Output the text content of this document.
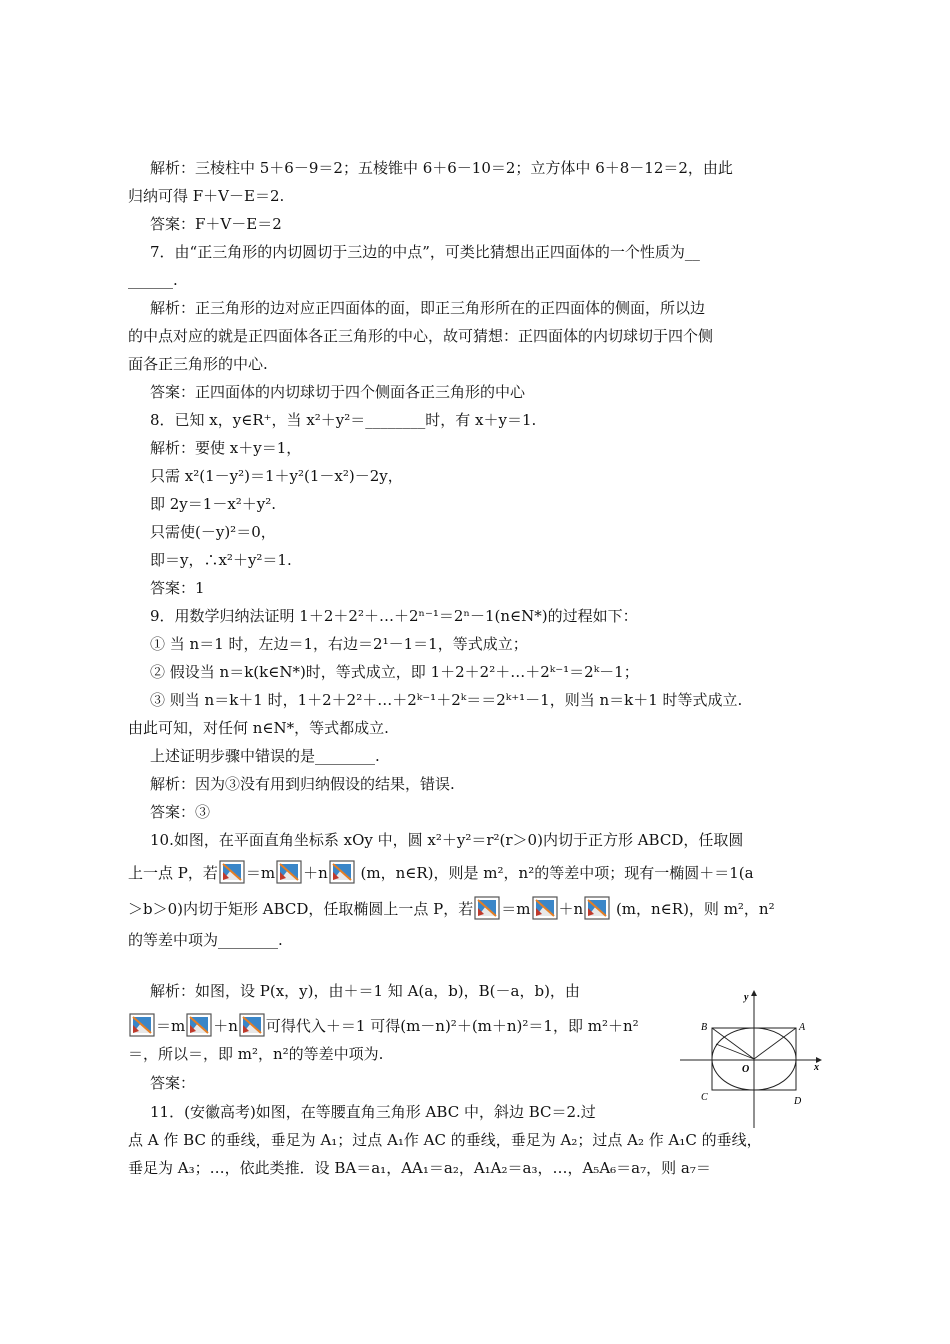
解析：三棱柱中 5＋6－9＝2；五棱锥中 6＋6－10＝2；立方体中 6＋8－12＝2，由此
归纳可得 F＋V－E＝2.
答案：F＋V－E＝2
7．由“正三角形的内切圆切于三边的中点”，可类比猜想出正四面体的一个性质为__
______.
解析：正三角形的边对应正四面体的面，即正三角形所在的正四面体的侧面，所以边
的中点对应的就是正四面体各正三角形的中心，故可猜想：正四面体的内切球切于四个侧
面各正三角形的中心.
答案：正四面体的内切球切于四个侧面各正三角形的中心
8．已知 x，y∈R⁺，当 x²＋y²＝________时，有 x＋y＝1.
解析：要使 x＋y＝1，
只需 x²(1－y²)＝1＋y²(1－x²)－2y，
即 2y＝1－x²＋y².
只需使(－y)²＝0，
即＝y，∴x²＋y²＝1.
答案：1
9．用数学归纳法证明 1＋2＋2²＋…＋2ⁿ⁻¹＝2ⁿ－1(n∈N*)的过程如下：
① 当 n＝1 时，左边＝1，右边＝2¹－1＝1，等式成立；
② 假设当 n＝k(k∈N*)时，等式成立，即 1＋2＋2²＋…＋2ᵏ⁻¹＝2ᵏ－1；
③ 则当 n＝k＋1 时，1＋2＋2²＋…＋2ᵏ⁻¹＋2ᵏ＝＝2ᵏ⁺¹－1，则当 n＝k＋1 时等式成立.
由此可知，对任何 n∈N*，等式都成立.
上述证明步骤中错误的是________.
解析：因为③没有用到归纳假设的结果，错误.
答案：③
10.如图，在平面直角坐标系 xOy 中，圆 x²＋y²＝r²(r＞0)内切于正方形 ABCD，任取圆
上一点 P，若 ＝m ＋n (m，n∈R)，则是 m²，n²的等差中项；现有一椭圆＋＝1(a
＞b＞0)内切于矩形 ABCD，任取椭圆上一点 P，若 ＝m ＋n (m，n∈R)，则 m²，n²
的等差中项为________.
解析：如图，设 P(x，y)，由＋＝1 知 A(a，b)，B(－a，b)，由
＝m ＋n 可得代入＋＝1 可得(m－n)²＋(m＋n)²＝1，即 m²＋n²
＝，所以＝，即 m²，n²的等差中项为.
答案：
11．(安徽高考)如图，在等腰直角三角形 ABC 中，斜边 BC＝2.过
点 A 作 BC 的垂线，垂足为 A₁；过点 A₁作 AC 的垂线，垂足为 A₂；过点 A₂ 作 A₁C 的垂线，
垂足为 A₃；…，依此类推．设 BA＝a₁，AA₁＝a₂，A₁A₂＝a₃，…，A₅A₆＝a₇，则 a₇＝
y
x
O
A
B
C	D
